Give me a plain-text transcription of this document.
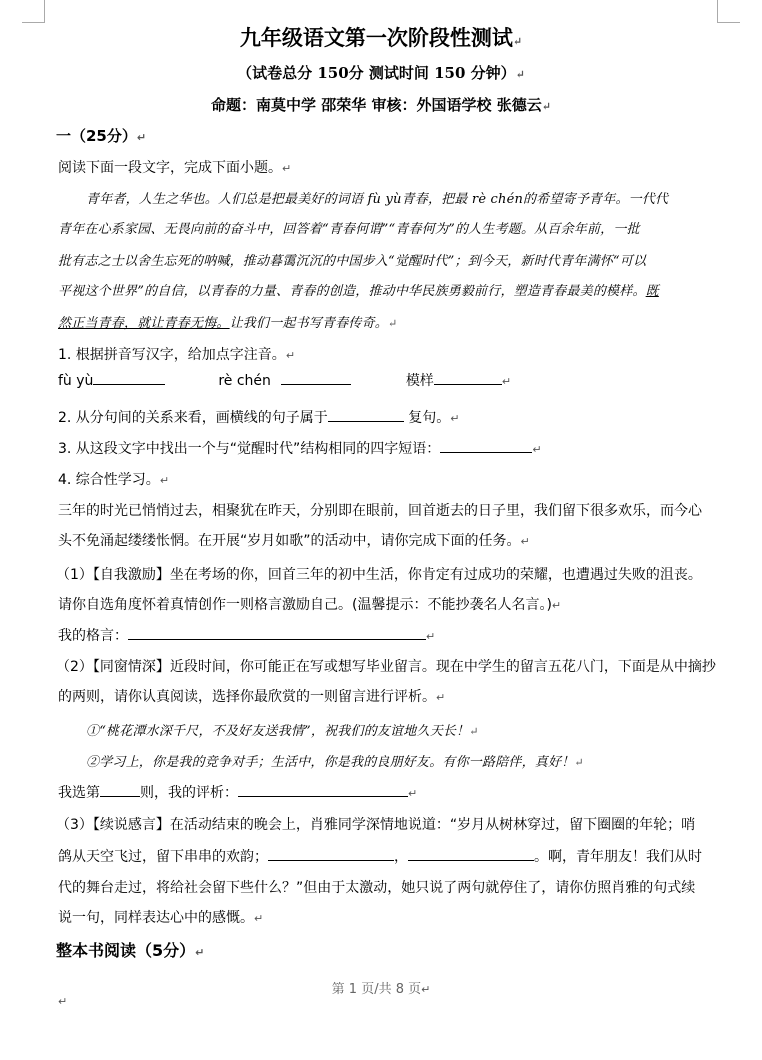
九年级语文第一次阶段性测试↵
（试卷总分 150分 测试时间 150 分钟）↵
命题：南莫中学 邵荣华 审核：外国语学校 张德云↵
一（25分）↵
阅读下面一段文字，完成下面小题。↵
青年者，人生之华也。人们总是把最美好的词语 fù yù青春，把最 rè chén的希望寄予青年。一代代
青年在心系家园、无畏向前的奋斗中，回答着“青春何谓”“青春何为”的人生考题。从百余年前，一批
批有志之士以舍生忘死的呐喊，推动暮霭沉沉的中国步入“觉醒时代”；到今天，新时代青年满怀“可以
平视这个世界”的自信，以青春的力量、青春的创造，推动中华民族勇毅前行，塑造青春最美的模样。既
然正当青春，就让青春无悔。让我们一起书写青春传奇。↵
1. 根据拼音写汉字，给加点字注音。↵
fù yù	rè chén	模样	↵
2. 从分句间的关系来看，画横线的句子属于	复句。↵
3. 从这段文字中找出一个与“觉醒时代”结构相同的四字短语：	↵
4. 综合性学习。↵
三年的时光已悄悄过去，相聚犹在昨天，分别即在眼前，回首逝去的日子里，我们留下很多欢乐，而今心
头不免涌起缕缕怅惘。在开展“岁月如歌”的活动中，请你完成下面的任务。↵
（1）【自我激励】坐在考场的你，回首三年的初中生活，你肯定有过成功的荣耀，也遭遇过失败的沮丧。
请你自选角度怀着真情创作一则格言激励自己。(温馨提示：不能抄袭名人名言。)↵
我的格言：	↵
（2）【同窗情深】近段时间，你可能正在写或想写毕业留言。现在中学生的留言五花八门，下面是从中摘抄
的两则，请你认真阅读，选择你最欣赏的一则留言进行评析。↵
①“桃花潭水深千尺，不及好友送我情”，祝我们的友谊地久天长！↵
②学习上，你是我的竞争对手；生活中，你是我的良朋好友。有你一路陪伴，真好！↵
我选第	则，我的评析：	↵
（3）【续说感言】在活动结束的晚会上，肖雅同学深情地说道：“岁月从树林穿过，留下圈圈的年轮；哨
鸽从天空飞过，留下串串的欢韵；	，	。啊，青年朋友！我们从时
代的舞台走过，将给社会留下些什么？”但由于太激动，她只说了两句就停住了，请你仿照肖雅的句式续
说一句，同样表达心中的感慨。↵
整本书阅读（5分）↵
第 1 页/共 8 页↵
↵
